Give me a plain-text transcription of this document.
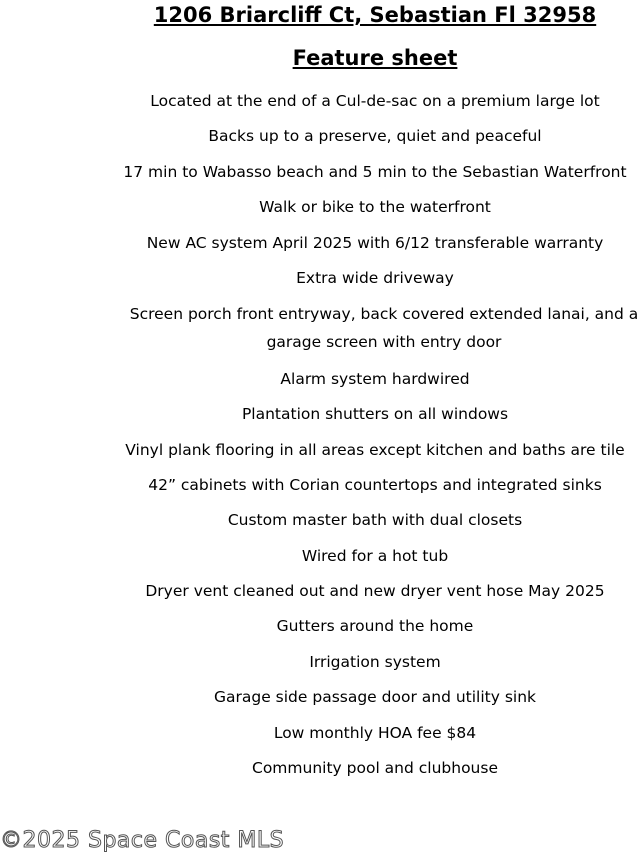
1206 Briarcliff Ct, Sebastian Fl 32958
Feature sheet
Located at the end of a Cul-de-sac on a premium large lot
Backs up to a preserve, quiet and peaceful
17 min to Wabasso beach and 5 min to the Sebastian Waterfront
Walk or bike to the waterfront
New AC system April 2025 with 6/12 transferable warranty
Extra wide driveway
Screen porch front entryway, back covered extended lanai, and a garage screen with entry door
Alarm system hardwired
Plantation shutters on all windows
Vinyl plank flooring in all areas except kitchen and baths are tile
42” cabinets with Corian countertops and integrated sinks
Custom master bath with dual closets
Wired for a hot tub
Dryer vent cleaned out and new dryer vent hose May 2025
Gutters around the home
Irrigation system
Garage side passage door and utility sink
Low monthly HOA fee $84
Community pool and clubhouse
©2025 Space Coast MLS
